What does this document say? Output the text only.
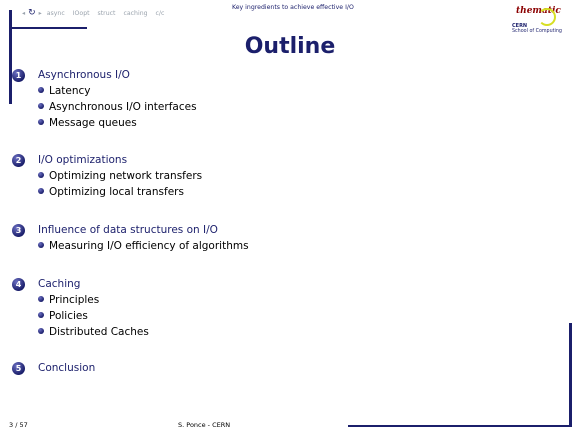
◂ ↻ ▸ async IOopt struct caching c/c
Key ingredients to achieve effective I/O	thematic
CERN
School of Computing
Outline
1	Asynchronous I/O
Latency
Asynchronous I/O interfaces
Message queues
2	I/O optimizations
Optimizing network transfers
Optimizing local transfers
3	Influence of data structures on I/O
Measuring I/O efficiency of algorithms
4	Caching
Principles
Policies
Distributed Caches
5	Conclusion
3 / 57	S. Ponce - CERN
